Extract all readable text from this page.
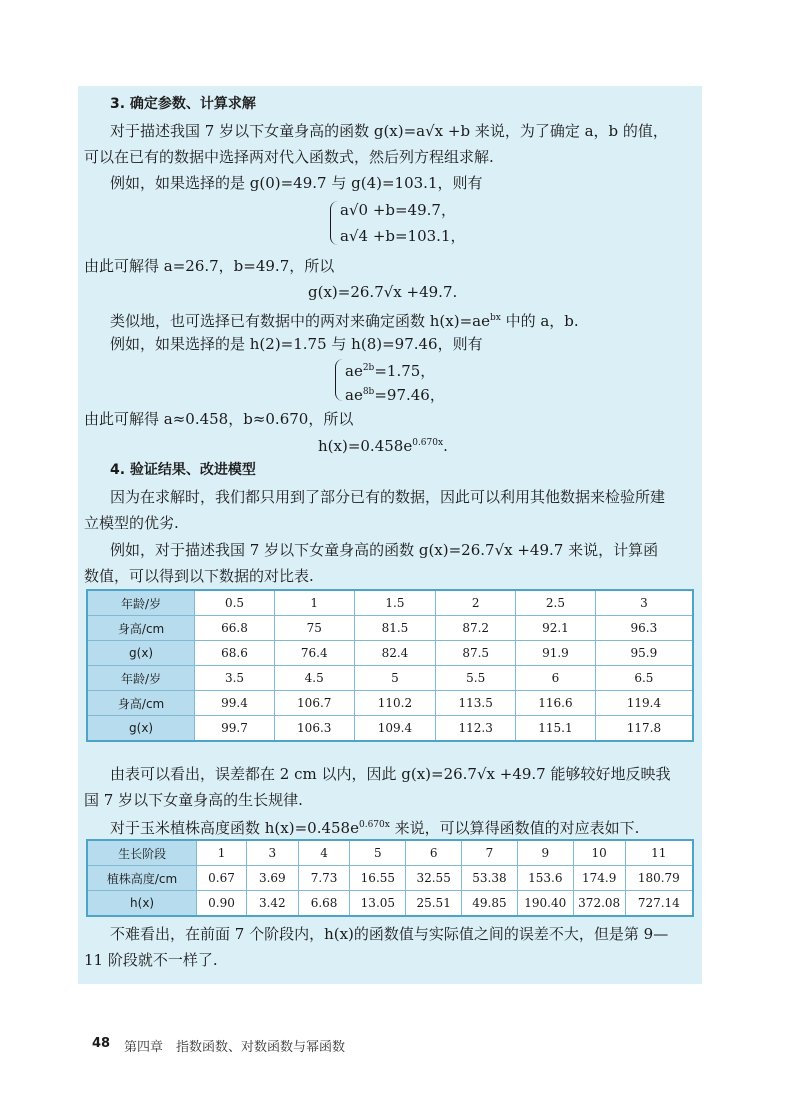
3. 确定参数、计算求解
对于描述我国 7 岁以下女童身高的函数 g(x)=a√x +b 来说，为了确定 a，b 的值，
可以在已有的数据中选择两对代入函数式，然后列方程组求解.
例如，如果选择的是 g(0)=49.7 与 g(4)=103.1，则有
a√0 +b=49.7，
a√4 +b=103.1，
由此可解得 a=26.7，b=49.7，所以
g(x)=26.7√x +49.7.
类似地，也可选择已有数据中的两对来确定函数 $h(x)=ae^{bx}$ 中的 a，b.
例如，如果选择的是 h(2)=1.75 与 h(8)=97.46，则有
$ae^{2b}=1.75$，
$ae^{8b}=97.46$，
由此可解得 a≈0.458，b≈0.670，所以
$h(x)=0.458e^{0.670x}$.
4. 验证结果、改进模型
因为在求解时，我们都只用到了部分已有的数据，因此可以利用其他数据来检验所建
立模型的优劣.
例如，对于描述我国 7 岁以下女童身高的函数 g(x)=26.7√x +49.7 来说，计算函
数值，可以得到以下数据的对比表.
年龄/岁	0.5	1	1.5	2	2.5	3
身高/cm	66.8	75	81.5	87.2	92.1	96.3
g(x)	68.6	76.4	82.4	87.5	91.9	95.9
年龄/岁	3.5	4.5	5	5.5	6	6.5
身高/cm	99.4	106.7	110.2	113.5	116.6	119.4
g(x)	99.7	106.3	109.4	112.3	115.1	117.8
由表可以看出，误差都在 2 cm 以内，因此 g(x)=26.7√x +49.7 能够较好地反映我
国 7 岁以下女童身高的生长规律.
对于玉米植株高度函数 $h(x)=0.458e^{0.670x}$ 来说，可以算得函数值的对应表如下.
生长阶段	1	3	4	5	6	7	9	10	11
植株高度/cm	0.67	3.69	7.73	16.55	32.55	53.38	153.6	174.9	180.79
h(x)	0.90	3.42	6.68	13.05	25.51	49.85	190.40	372.08	727.14
不难看出，在前面 7 个阶段内，h(x)的函数值与实际值之间的误差不大，但是第 9—
11 阶段就不一样了.
48 第四章　指数函数、对数函数与幂函数
